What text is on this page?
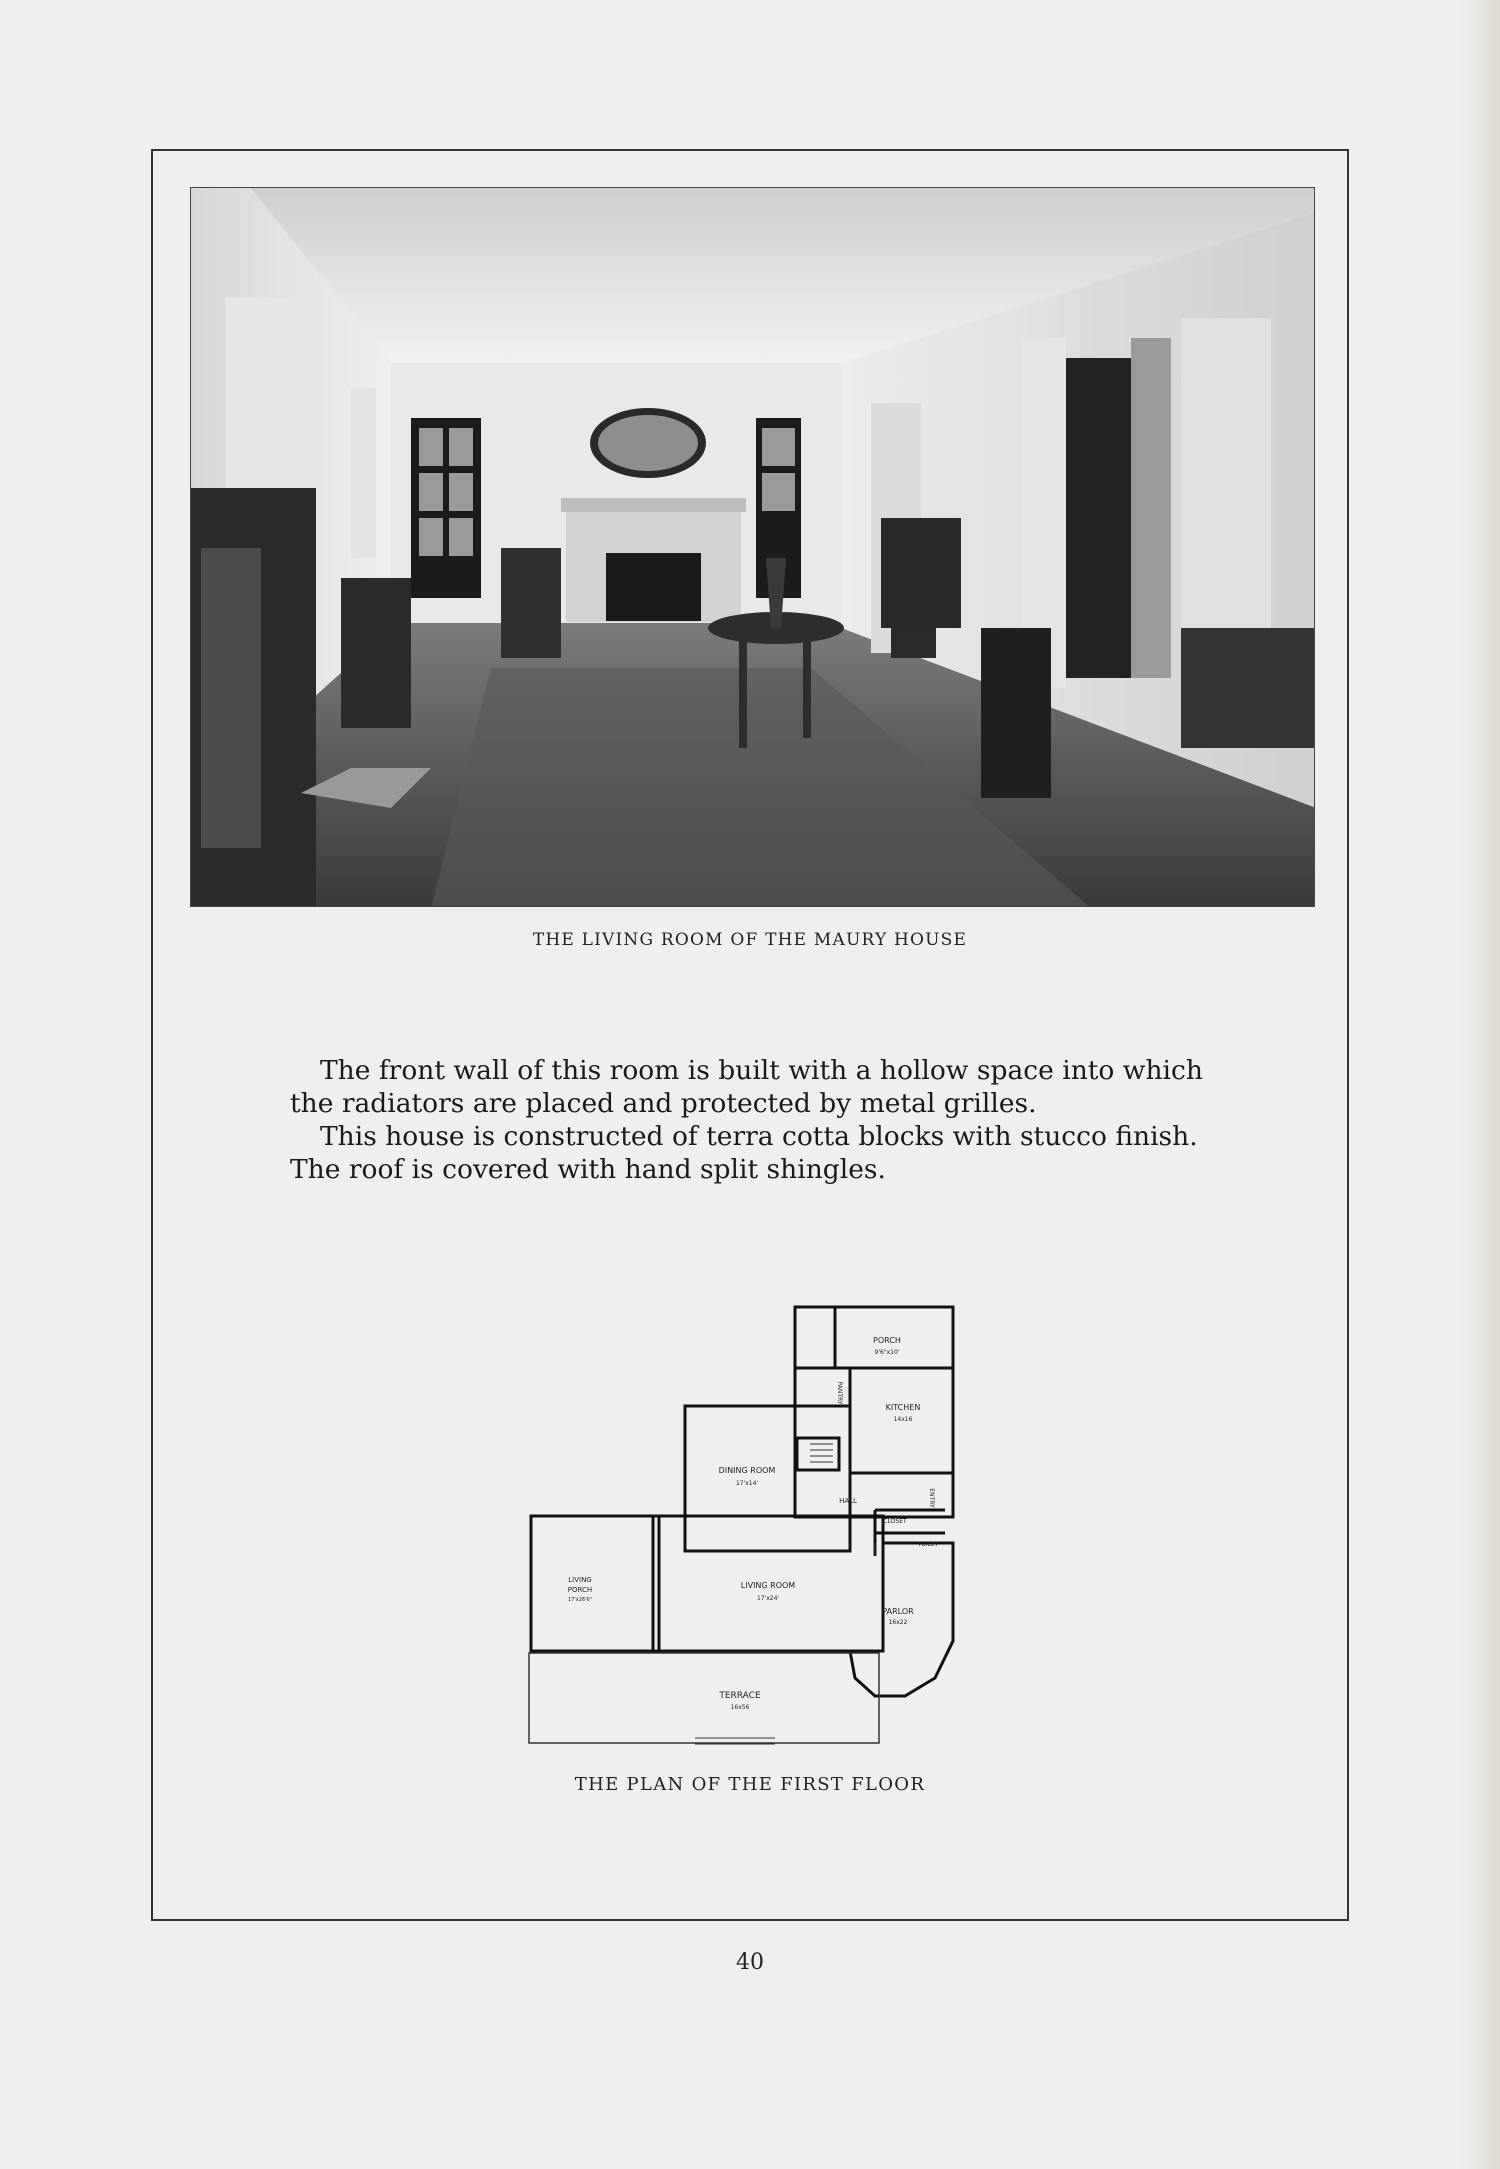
THE LIVING ROOM OF THE MAURY HOUSE

The front wall of this room is built with a hollow space into which the radiators are placed and protected by metal grilles.

This house is constructed of terra cotta blocks with stucco finish. The roof is covered with hand split shingles.

PORCH
9'6"x10'
KITCHEN
14x16
PANTRY
DINING ROOM
17'x14'
HALL	ENTRY
CLOSET
TOILET
LIVING
PORCH
17'x26'6"
LIVING ROOM
17'x24'
PARLOR
16x22
TERRACE
16x56
THE PLAN OF THE FIRST FLOOR
40
